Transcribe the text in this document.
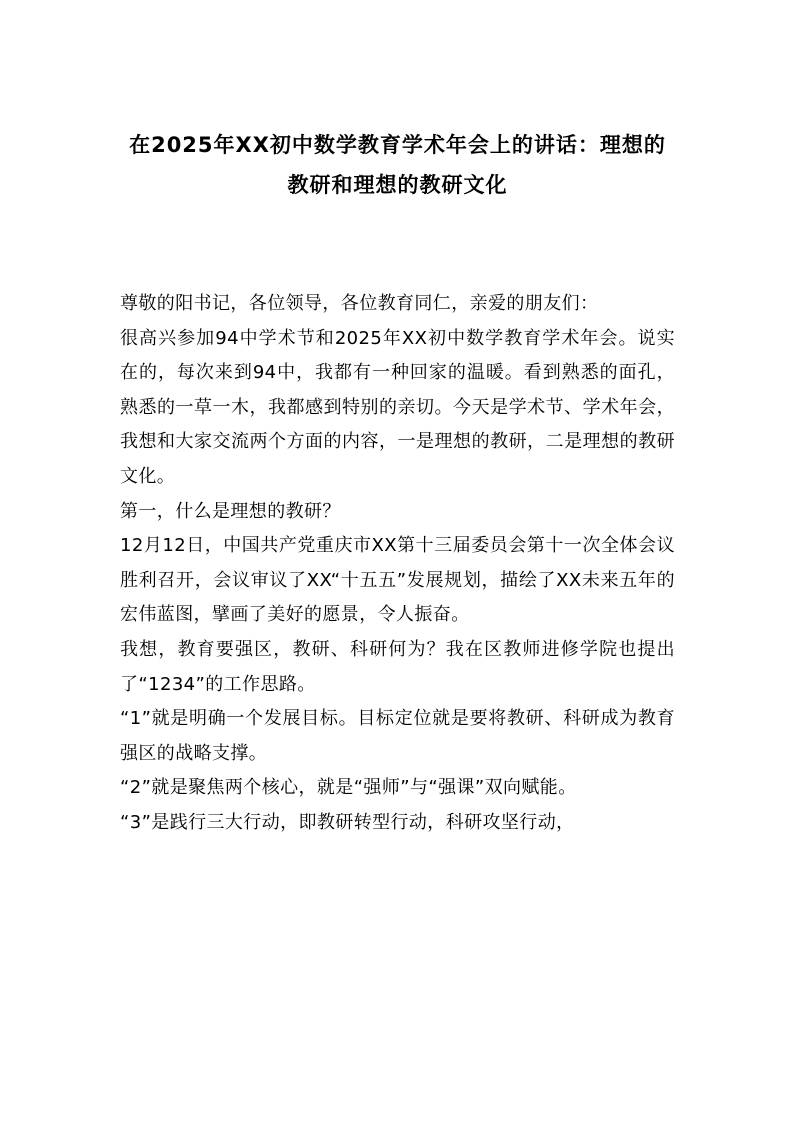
在2025年XX初中数学教育学术年会上的讲话：理想的教研和理想的教研文化

尊敬的阳书记，各位领导，各位教育同仁，亲爱的朋友们：

很高兴参加94中学术节和2025年XX初中数学教育学术年会。说实在的，每次来到94中，我都有一种回家的温暖。看到熟悉的面孔，熟悉的一草一木，我都感到特别的亲切。今天是学术节、学术年会，我想和大家交流两个方面的内容，一是理想的教研，二是理想的教研文化。

第一，什么是理想的教研？

12月12日，中国共产党重庆市XX第十三届委员会第十一次全体会议胜利召开，会议审议了XX“十五五”发展规划，描绘了XX未来五年的宏伟蓝图，擘画了美好的愿景，令人振奋。

我想，教育要强区，教研、科研何为？我在区教师进修学院也提出了“1234”的工作思路。

“1”就是明确一个发展目标。目标定位就是要将教研、科研成为教育强区的战略支撑。

“2”就是聚焦两个核心，就是“强师”与“强课”双向赋能。

“3”是践行三大行动，即教研转型行动，科研攻坚行动，
